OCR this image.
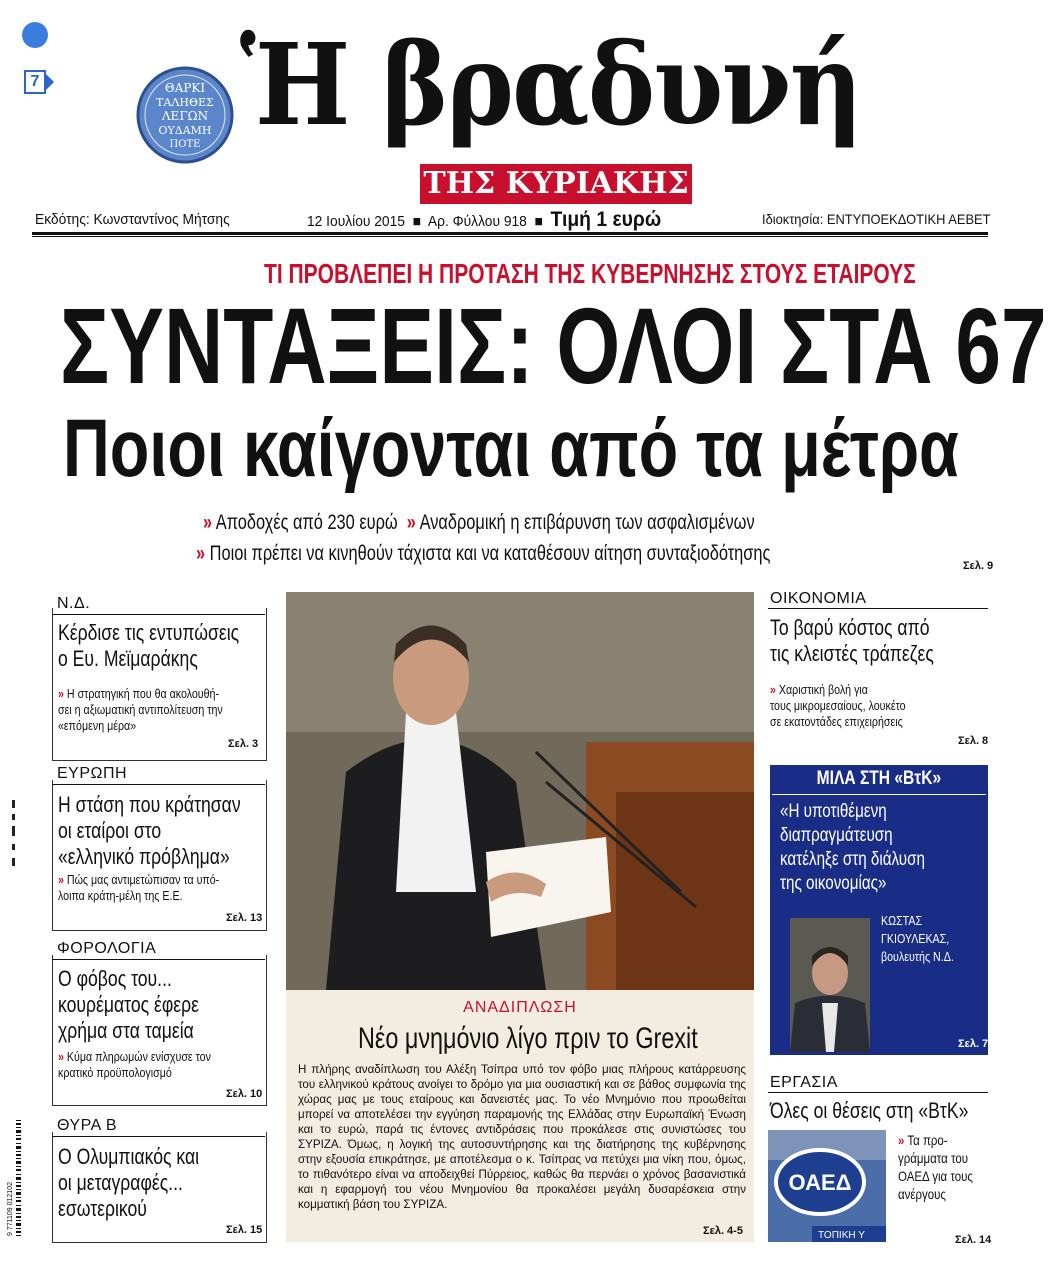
7	ΘΑΡΚΙ
ΤΑΛΗΘΕΣ
ΛΕΓΩΝ
ΟΥΔΑΜΗ
ΠΟΤΕ Ἡ βραδυνή
ΤΗΣ ΚΥΡΙΑΚΗΣ
Εκδότης: Κωνσταντίνος Μήτσης	12 Ιουλίου 2015  ■  Αρ. Φύλλου 918  ■  Τιμή 1 ευρώ	Ιδιοκτησία: ΕΝΤΥΠΟΕΚΔΟΤΙΚΗ ΑΕΒΕΤ
ΤΙ ΠΡΟΒΛΕΠΕΙ Η ΠΡΟΤΑΣΗ ΤΗΣ ΚΥΒΕΡΝΗΣΗΣ ΣΤΟΥΣ ΕΤΑΙΡΟΥΣ
ΣΥΝΤΑΞΕΙΣ: ΟΛΟΙ ΣΤΑ 67
Ποιοι καίγονται από τα μέτρα
» Αποδοχές από 230 ευρώ  » Αναδρομική η επιβάρυνση των ασφαλισμένων
» Ποιοι πρέπει να κινηθούν τάχιστα και να καταθέσουν αίτηση συνταξιοδότησης
Σελ. 9
Ν.Δ.
Κέρδισε τις εντυπώσεις
ο Ευ. Μεϊμαράκης
» Η στρατηγική που θα ακολουθή-
σει η αξιωματική αντιπολίτευση την
«επόμενη μέρα»
Σελ. 3
ΕΥΡΩΠΗ
Η στάση που κράτησαν
οι εταίροι στο
«ελληνικό πρόβλημα»
» Πώς μας αντιμετώπισαν τα υπό-
λοιπα κράτη-μέλη της Ε.Ε.
Σελ. 13
ΦΟΡΟΛΟΓΙΑ
Ο φόβος του...
κουρέματος έφερε
χρήμα στα ταμεία
» Κύμα πληρωμών ενίσχυσε τον
κρατικό προϋπολογισμό
Σελ. 10
ΘΥΡΑ Β
Ο Ολυμπιακός και
οι μεταγραφές...
εσωτερικού
Σελ. 15
ΑΝΑΔΙΠΛΩΣΗ
Νέο μνημόνιο λίγο πριν το Grexit
Η πλήρης αναδίπλωση του Αλέξη Τσίπρα υπό τον φόβο μιας πλήρους κατάρρευσης του ελληνικού κράτους ανοίγει το δρόμο για μια ουσιαστική και σε βάθος συμφωνία της χώρας μας με τους εταίρους και δανειστές μας. Το νέο Μνημόνιο που προωθείται μπορεί να αποτελέσει την εγγύηση παραμονής της Ελλάδας στην Ευρωπαϊκή Ένωση και το ευρώ, παρά τις έντονες αντιδράσεις που προκάλεσε στις συνιστώσες του ΣΥΡΙΖΑ. Όμως, η λογική της αυτοσυντήρησης και της διατήρησης της κυβέρνησης στην εξουσία επικράτησε, με αποτέλεσμα ο κ. Τσίπρας να πετύχει μια νίκη που, όμως, το πιθανότερο είναι να αποδειχθεί Πύρρειος, καθώς θα περνάει ο χρόνος βασανιστικά και η εφαρμογή του νέου Μνημονίου θα προκαλέσει μεγάλη δυσαρέσκεια στην κομματική βάση του ΣΥΡΙΖΑ.
Σελ. 4-5
ΟΙΚΟΝΟΜΙΑ
Το βαρύ κόστος από
τις κλειστές τράπεζες
» Χαριστική βολή για
τους μικρομεσαίους, λουκέτο
σε εκατοντάδες επιχειρήσεις
Σελ. 8
ΜΙΛΑ ΣΤΗ «ΒτΚ»
«Η υποτιθέμενη
διαπραγμάτευση
κατέληξε στη διάλυση
της οικονομίας»
ΚΩΣΤΑΣ
ΓΚΙΟΥΛΕΚΑΣ,
βουλευτής Ν.Δ.
Σελ. 7
ΕΡΓΑΣΙΑ
Όλες οι θέσεις στη «ΒτΚ»
ΟΑΕΔ
ΤΟΠΙΚΗ Υ
» Τα προ-
γράμματα του
ΟΑΕΔ για τους
ανέργους
Σελ. 14
9 771109 012102
